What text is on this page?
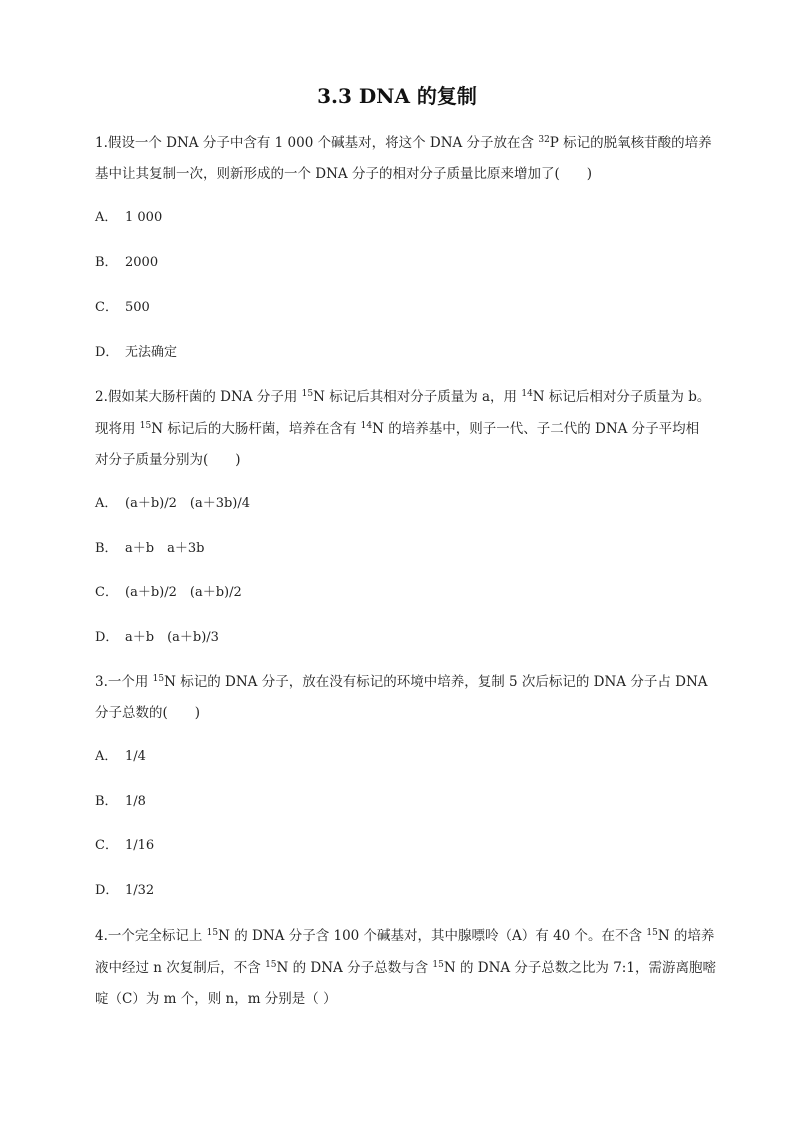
3.3 DNA 的复制
1.假设一个 DNA 分子中含有 1 000 个碱基对，将这个 DNA 分子放在含 $^{32}$P 标记的脱氧核苷酸的培养
基中让其复制一次，则新形成的一个 DNA 分子的相对分子质量比原来增加了(　　)
A． 1 000
B． 2000
C． 500
D． 无法确定
2.假如某大肠杆菌的 DNA 分子用 $^{15}$N 标记后其相对分子质量为 a，用 $^{14}$N 标记后相对分子质量为 b。
现将用 $^{15}$N 标记后的大肠杆菌，培养在含有 $^{14}$N 的培养基中，则子一代、子二代的 DNA 分子平均相
对分子质量分别为(　　)
A． (a＋b)/2　(a＋3b)/4
B． a＋b　a＋3b
C． (a＋b)/2　(a＋b)/2
D． a＋b　(a＋b)/3
3.一个用 $^{15}$N 标记的 DNA 分子，放在没有标记的环境中培养，复制 5 次后标记的 DNA 分子占 DNA
分子总数的(　　)
A． 1/4
B． 1/8
C． 1/16
D． 1/32
4.一个完全标记上 $^{15}$N 的 DNA 分子含 100 个碱基对，其中腺嘌呤（A）有 40 个。在不含 $^{15}$N 的培养
液中经过 n 次复制后，不含 $^{15}$N 的 DNA 分子总数与含 $^{15}$N 的 DNA 分子总数之比为 7:1，需游离胞嘧
啶（C）为 m 个，则 n，m 分别是（ ）
